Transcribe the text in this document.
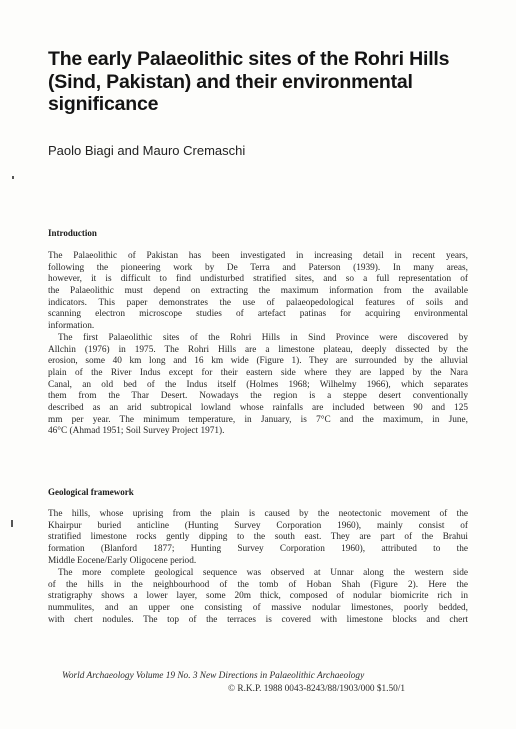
The early Palaeolithic sites of the Rohri Hills (Sind, Pakistan) and their environmental significance

Paolo Biagi and Mauro Cremaschi

Introduction
The Palaeolithic of Pakistan has been investigated in increasing detail in recent years,
following the pioneering work by De Terra and Paterson (1939). In many areas,
however, it is difficult to find undisturbed stratified sites, and so a full representation of
the Palaeolithic must depend on extracting the maximum information from the available
indicators. This paper demonstrates the use of palaeopedological features of soils and
scanning electron microscope studies of artefact patinas for acquiring environmental
information.
The first Palaeolithic sites of the Rohri Hills in Sind Province were discovered by
Allchin (1976) in 1975. The Rohri Hills are a limestone plateau, deeply dissected by the
erosion, some 40 km long and 16 km wide (Figure 1). They are surrounded by the alluvial
plain of the River Indus except for their eastern side where they are lapped by the Nara
Canal, an old bed of the Indus itself (Holmes 1968; Wilhelmy 1966), which separates
them from the Thar Desert. Nowadays the region is a steppe desert conventionally
described as an arid subtropical lowland whose rainfalls are included between 90 and 125
mm per year. The minimum temperature, in January, is 7°C and the maximum, in June,
46°C (Ahmad 1951; Soil Survey Project 1971).
Geological framework
The hills, whose uprising from the plain is caused by the neotectonic movement of the
Khairpur buried anticline (Hunting Survey Corporation 1960), mainly consist of
stratified limestone rocks gently dipping to the south east. They are part of the Brahui
formation (Blanford 1877; Hunting Survey Corporation 1960), attributed to the
Middle Eocene/Early Oligocene period.
The more complete geological sequence was observed at Unnar along the western side
of the hills in the neighbourhood of the tomb of Hoban Shah (Figure 2). Here the
stratigraphy shows a lower layer, some 20m thick, composed of nodular biomicrite rich in
nummulites, and an upper one consisting of massive nodular limestones, poorly bedded,
with chert nodules. The top of the terraces is covered with limestone blocks and chert

World Archaeology Volume 19 No. 3 New Directions in Palaeolithic Archaeology

© R.K.P. 1988 0043-8243/88/1903/000 $1.50/1
